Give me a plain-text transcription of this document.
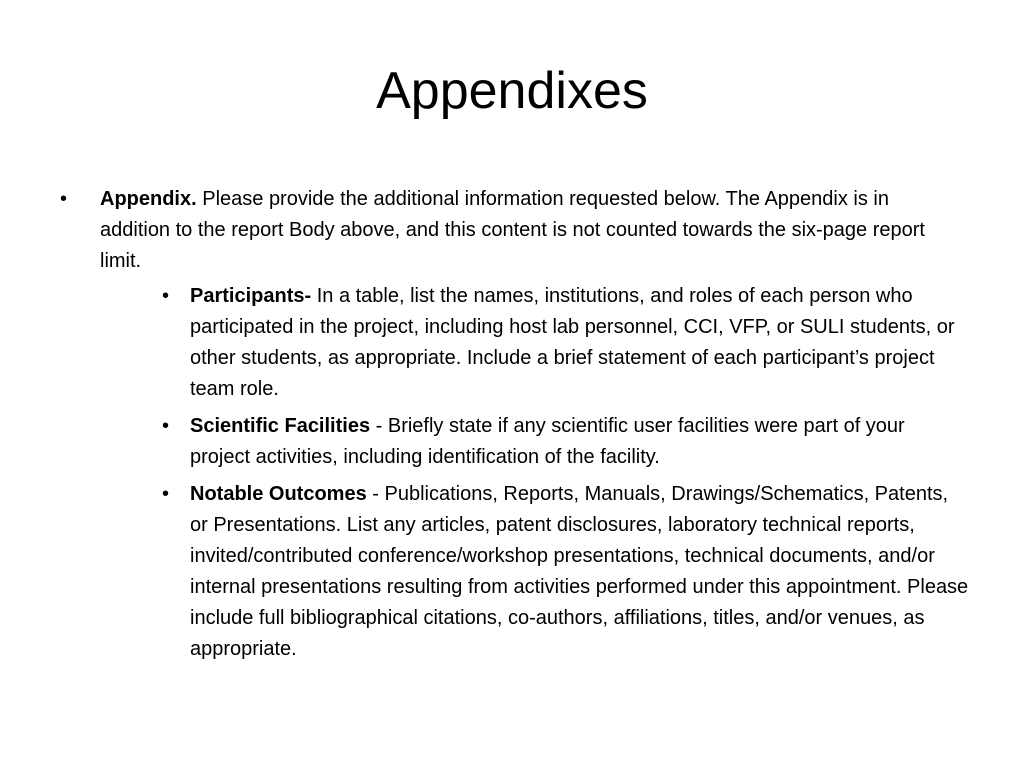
Appendixes
•	Appendix. Please provide the additional information requested below. The Appendix is in addition to the report Body above, and this content is not counted towards the six-page report limit.
•	Participants- In a table, list the names, institutions, and roles of each person who participated in the project, including host lab personnel, CCI, VFP, or SULI students, or other students, as appropriate. Include a brief statement of each participant’s project team role.
•	Scientific Facilities - Briefly state if any scientific user facilities were part of your project activities, including identification of the facility.
•	Notable Outcomes - Publications, Reports, Manuals, Drawings/Schematics, Patents, or Presentations. List any articles, patent disclosures, laboratory technical reports, invited/contributed conference/workshop presentations, technical documents, and/or internal presentations resulting from activities performed under this appointment. Please include full bibliographical citations, co-authors, affiliations, titles, and/or venues, as appropriate.
